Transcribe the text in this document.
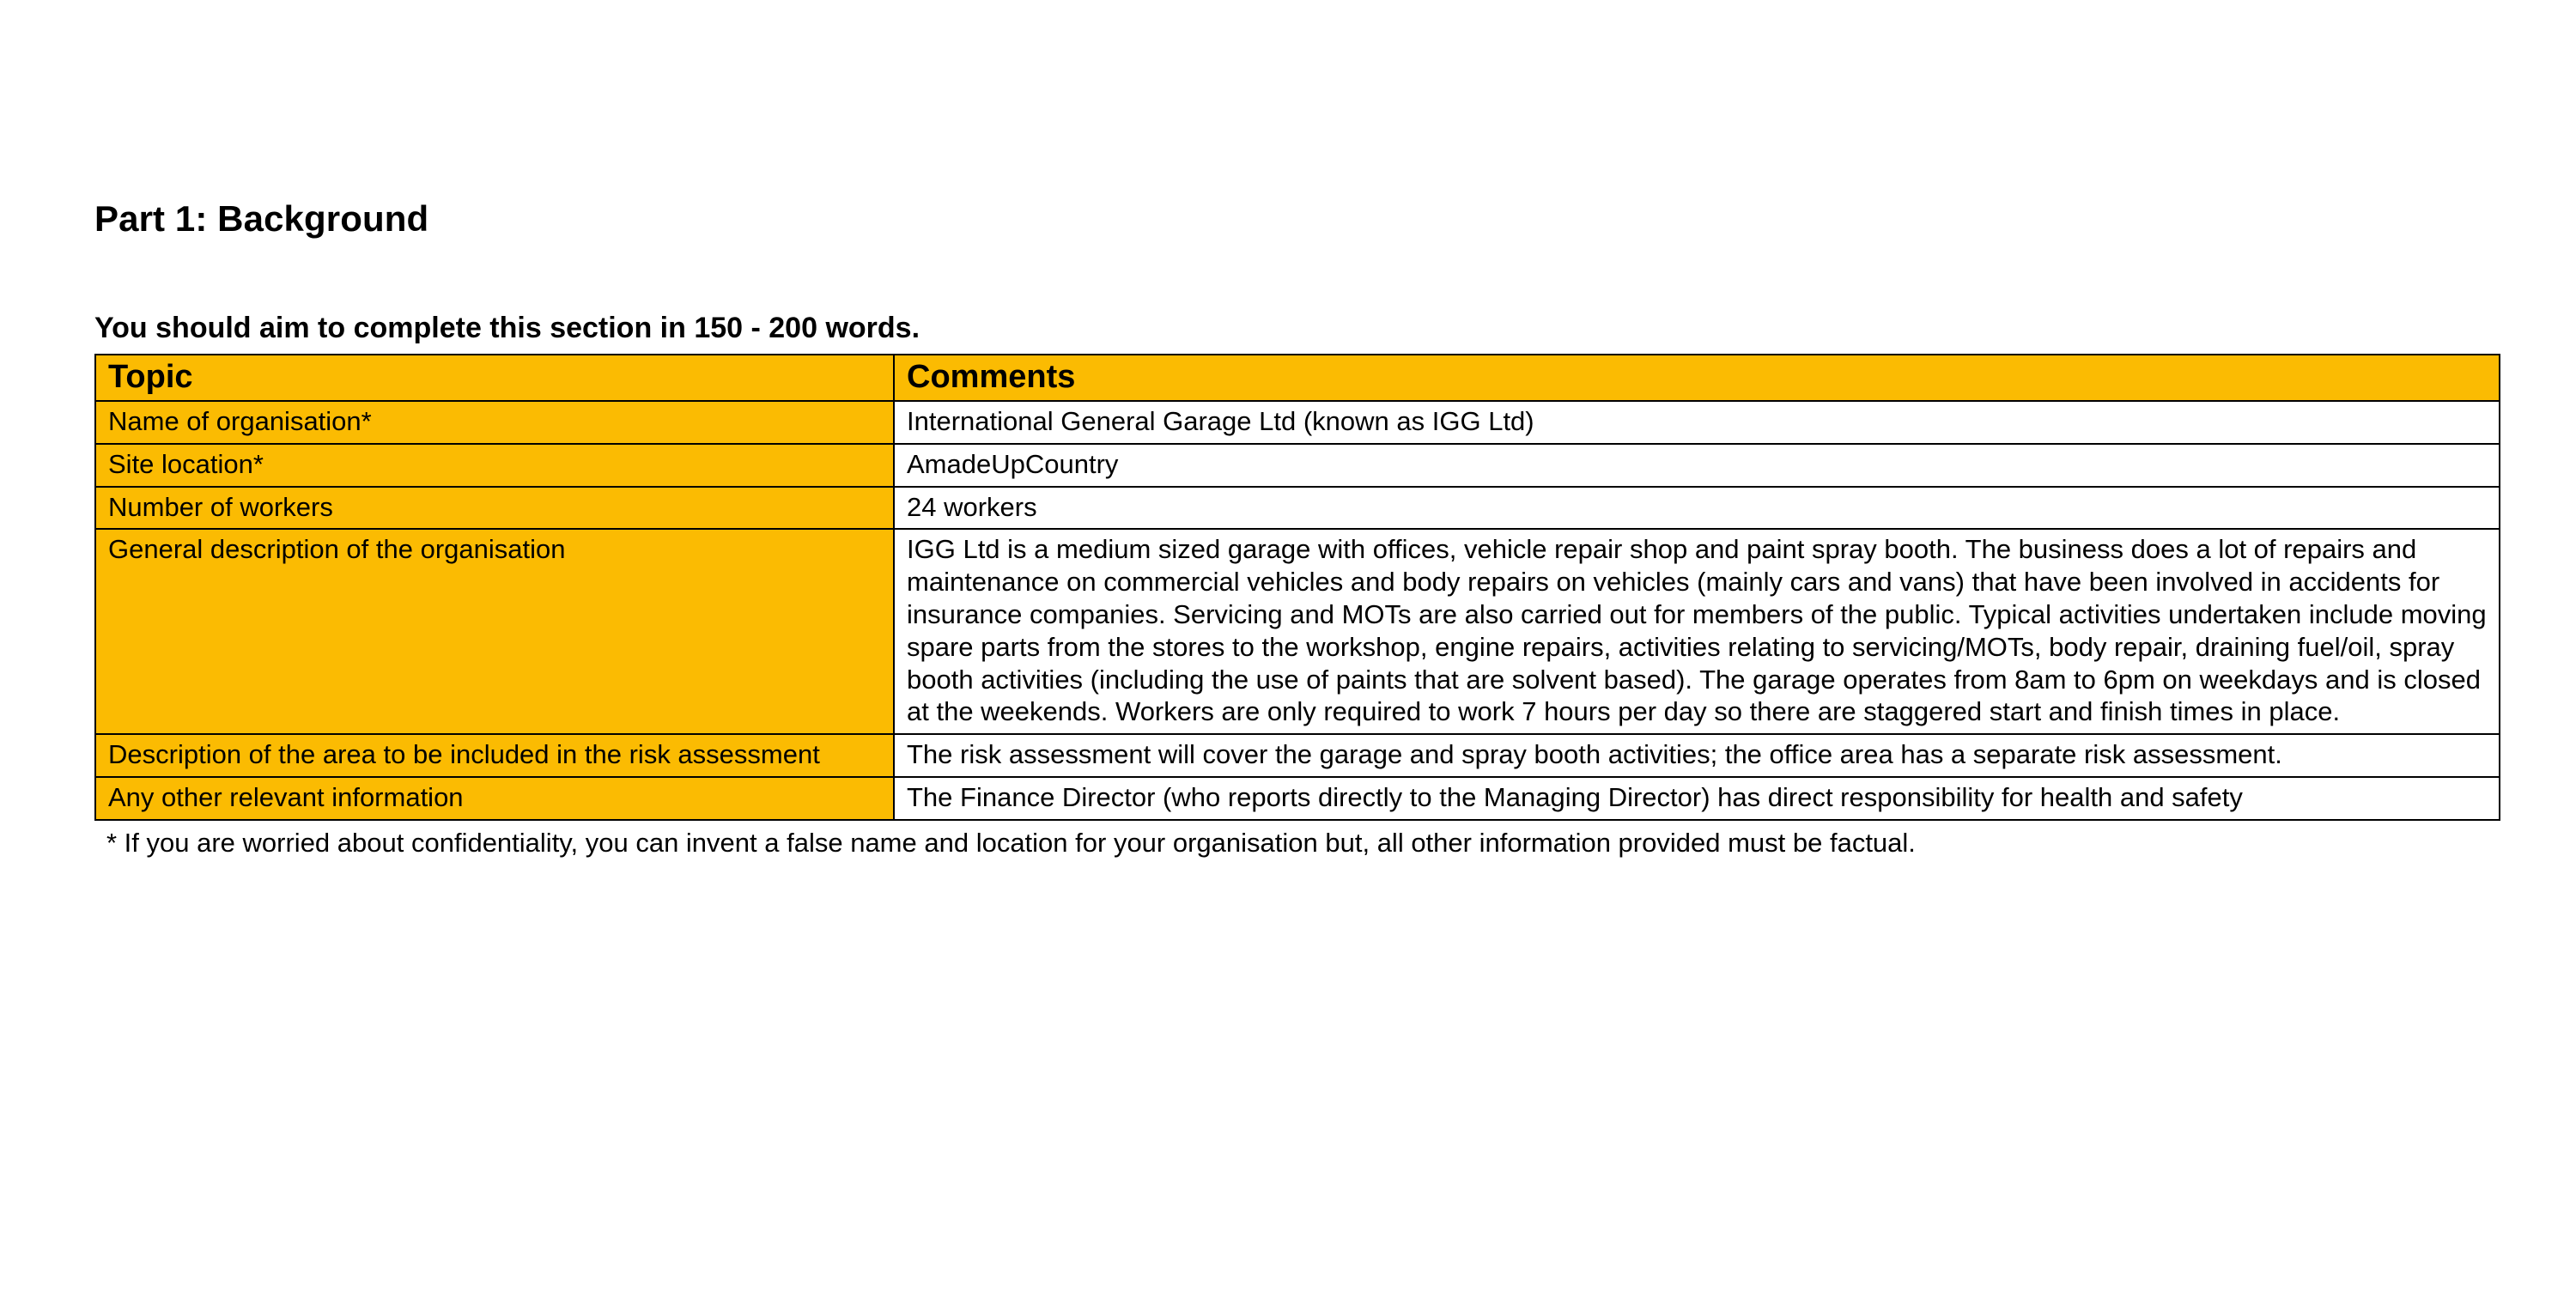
Part 1: Background
You should aim to complete this section in 150 - 200 words.
Topic	Comments
Name of organisation*	International General Garage Ltd (known as IGG Ltd)
Site location*	AmadeUpCountry
Number of workers	24 workers
General description of the organisation	IGG Ltd is a medium sized garage with offices, vehicle repair shop and paint spray booth. The business does a lot of repairs and maintenance on commercial vehicles and body repairs on vehicles (mainly cars and vans) that have been involved in accidents for insurance companies. Servicing and MOTs are also carried out for members of the public. Typical activities undertaken include moving spare parts from the stores to the workshop, engine repairs, activities relating to servicing/MOTs, body repair, draining fuel/oil, spray booth activities (including the use of paints that are solvent based). The garage operates from 8am to 6pm on weekdays and is closed at the weekends. Workers are only required to work 7 hours per day so there are staggered start and finish times in place.
Description of the area to be included in the risk assessment	The risk assessment will cover the garage and spray booth activities; the office area has a separate risk assessment.
Any other relevant information	The Finance Director (who reports directly to the Managing Director) has direct responsibility for health and safety

* If you are worried about confidentiality, you can invent a false name and location for your organisation but, all other information provided must be factual.
